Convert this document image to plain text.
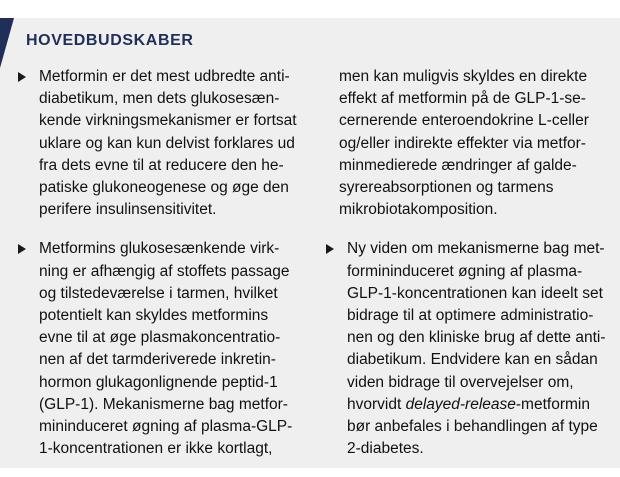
HOVEDBUDSKABER
Metformin er det mest udbredte anti-
diabetikum, men dets glukosesæn-
kende virkningsmekanismer er fortsat
uklare og kan kun delvist forklares ud
fra dets evne til at reducere den he-
patiske glukoneogenese og øge den
perifere insulinsensitivitet.
Metformins glukosesænkende virk-
ning er afhængig af stoffets passage
og tilstedeværelse i tarmen, hvilket
potentielt kan skyldes metformins
evne til at øge plasmakoncentratio-
nen af det tarmderiverede inkretin-
hormon glukagonlignende peptid-1
(GLP-1). Mekanismerne bag metfor-
mininduceret øgning af plasma-GLP-
1-koncentrationen er ikke kortlagt,
men kan muligvis skyldes en direkte
effekt af metformin på de GLP-1-se-
cernerende enteroendokrine L-celler
og/eller indirekte effekter via metfor-
minmedierede ændringer af galde-
syrereabsorptionen og tarmens
mikrobiotakomposition.
Ny viden om mekanismerne bag met-
formininduceret øgning af plasma-
GLP-1-koncentrationen kan ideelt set
bidrage til at optimere administratio-
nen og den kliniske brug af dette anti-
diabetikum. Endvidere kan en sådan
viden bidrage til overvejelser om,
hvorvidt delayed-release-metformin
bør anbefales i behandlingen af type
2-diabetes.
